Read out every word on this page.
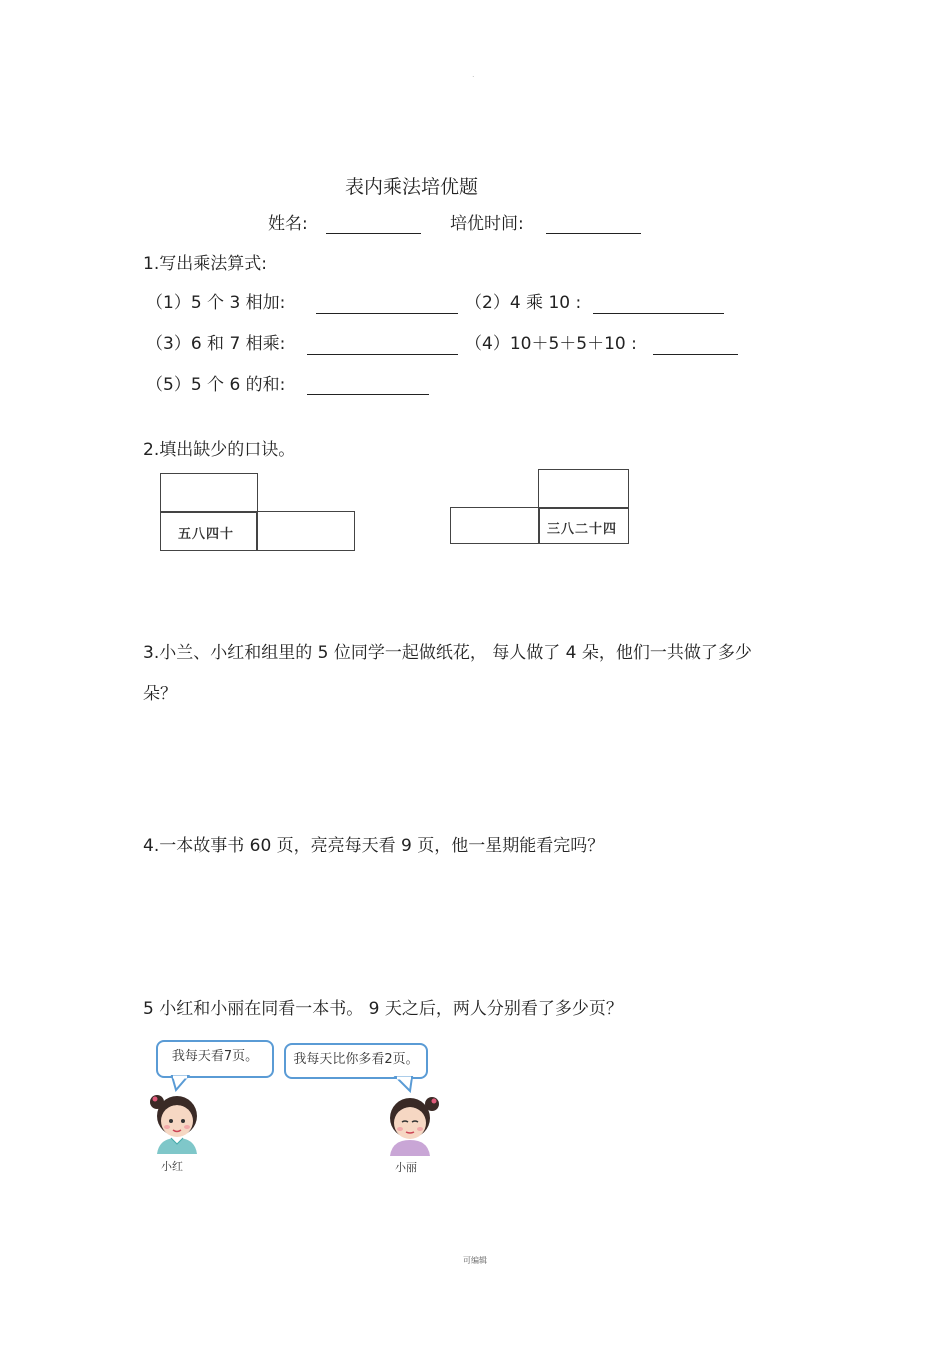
.
表内乘法培优题
姓名:	培优时间:
1.写出乘法算式:
（1）5 个 3 相加:	（2）4 乘 10 :
（3）6 和 7 相乘:	（4）10＋5＋5＋10 :
（5）5 个 6 的和:
2.填出缺少的口诀。
五八四十	三八二十四
3.小兰、小红和组里的 5 位同学一起做纸花， 每人做了 4 朵，他们一共做了多少
朵？
4.一本故事书 60 页，亮亮每天看 9 页，他一星期能看完吗？
5 小红和小丽在同看一本书。 9 天之后，两人分别看了多少页？
我每天看7页。	我每天比你多看2页。
小红	小丽
可编辑
